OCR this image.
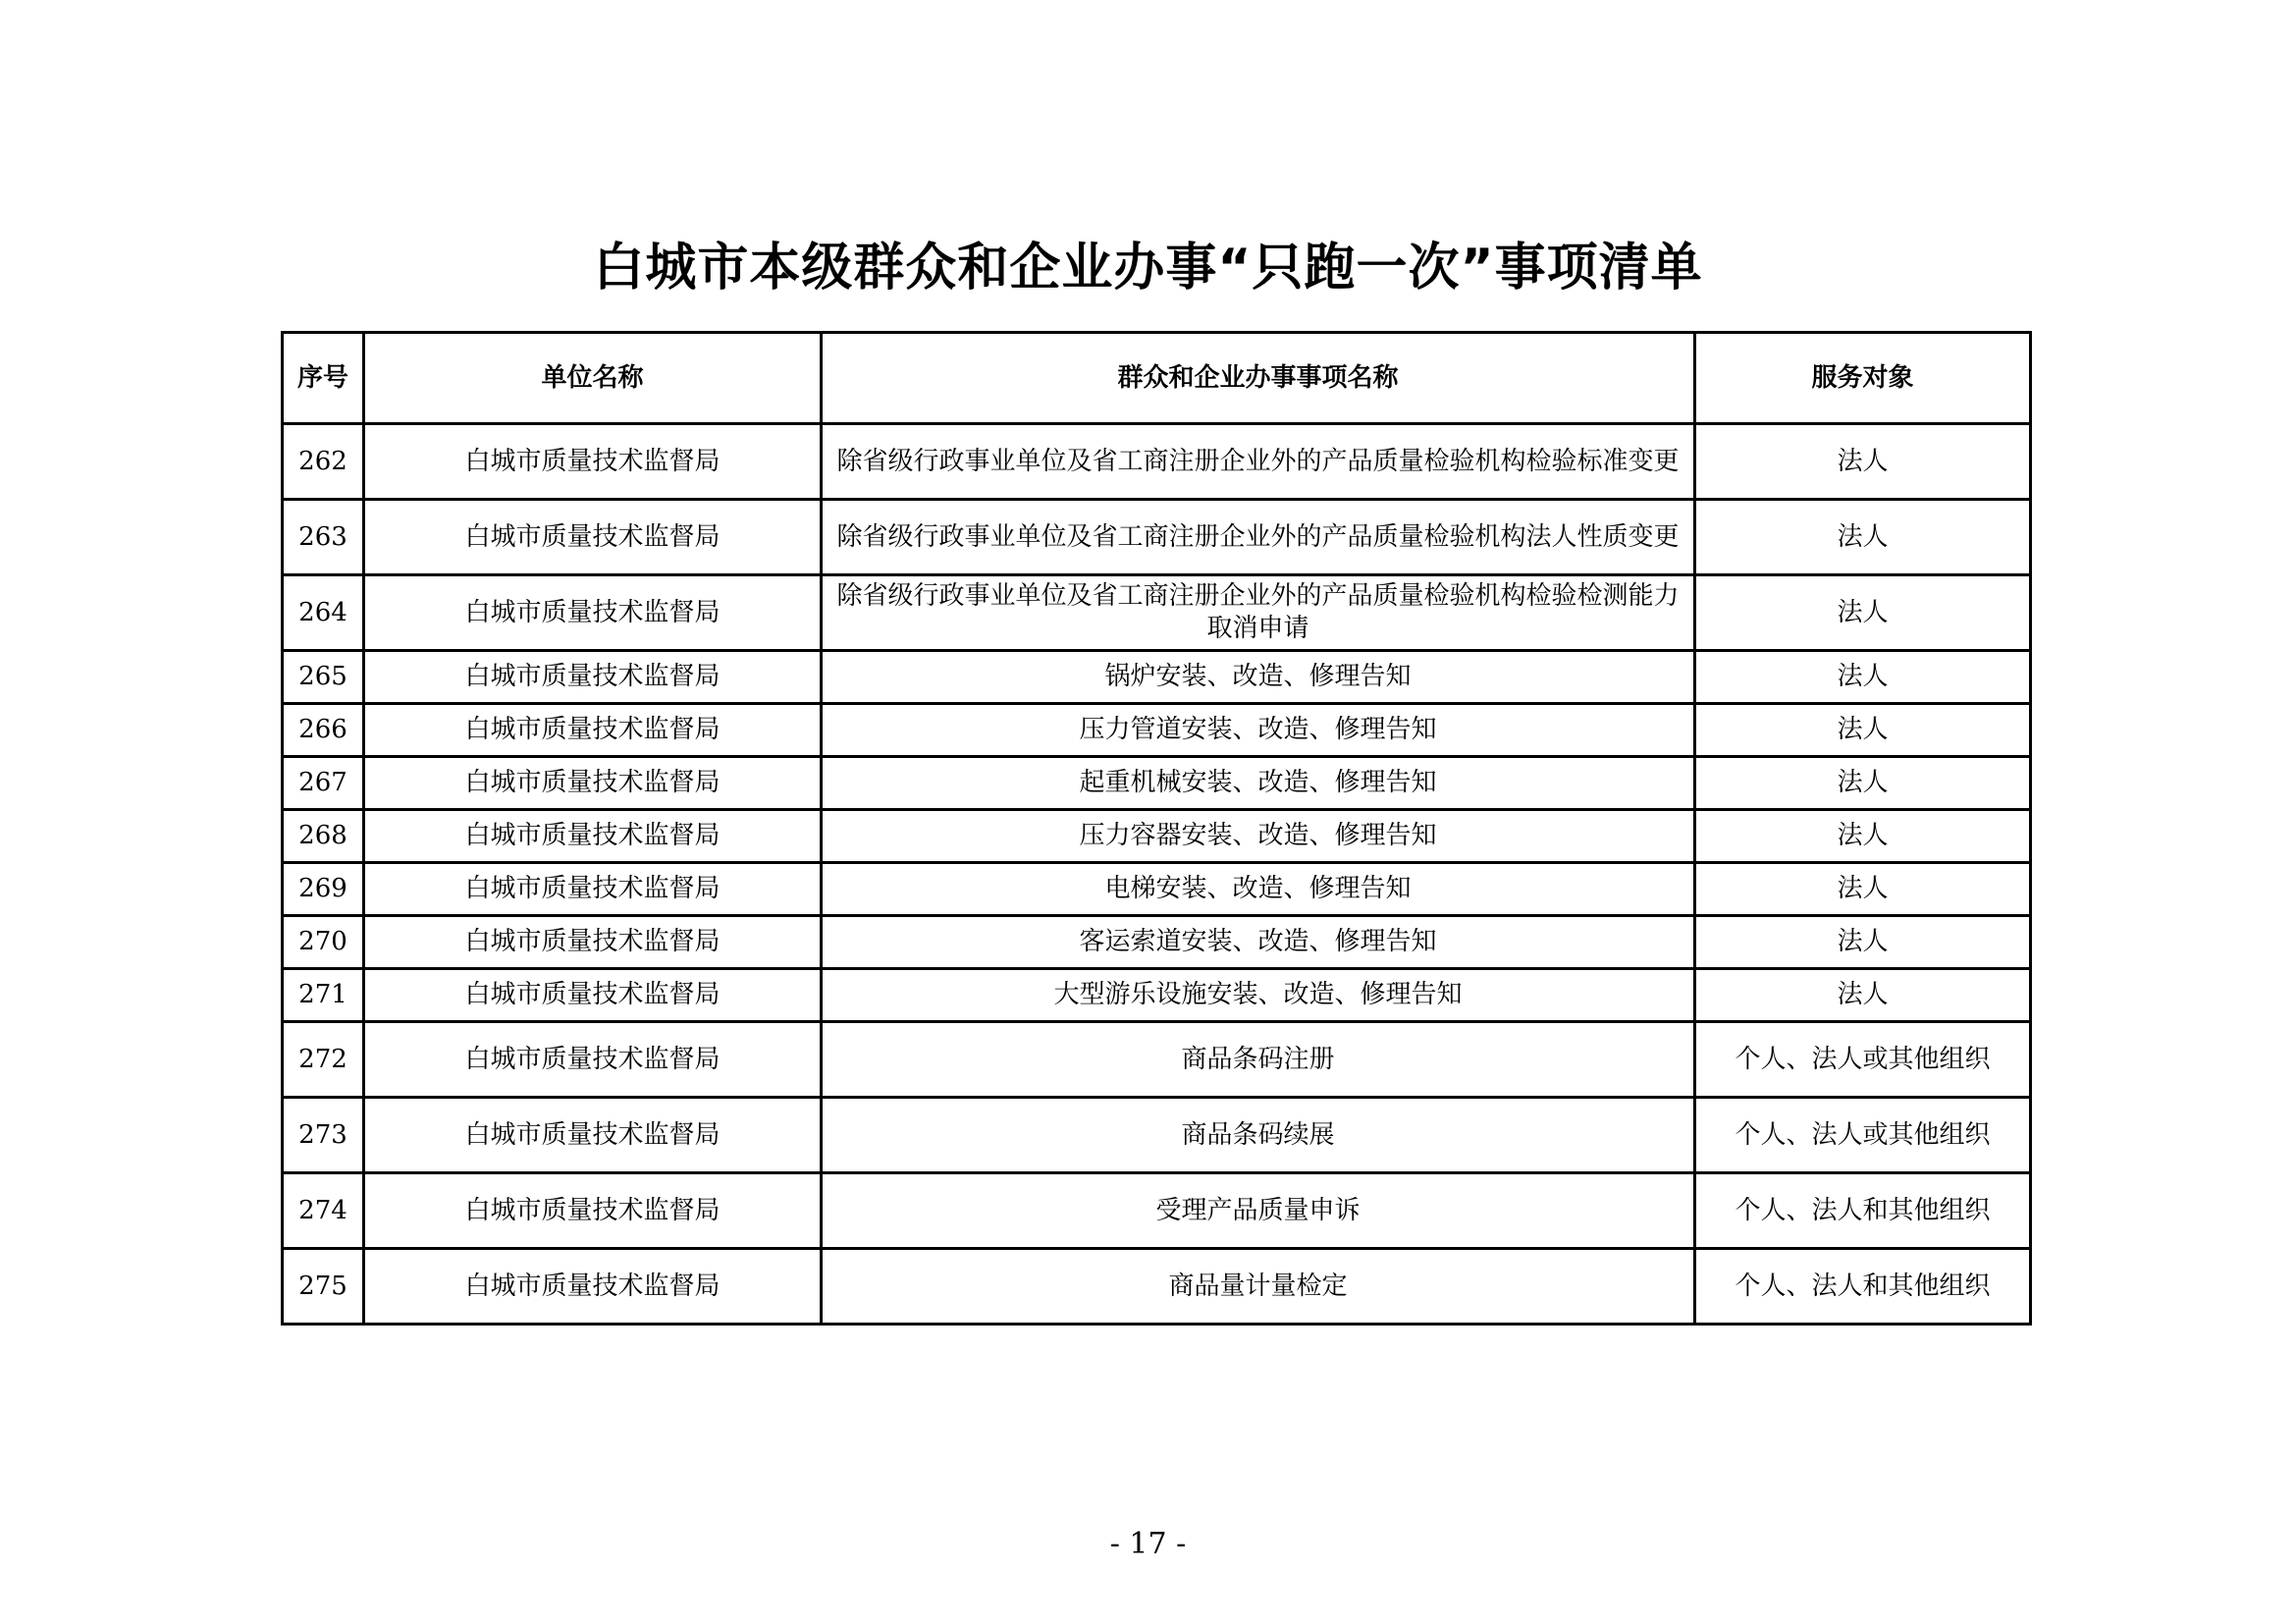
白城市本级群众和企业办事“只跑一次”事项清单
序号	单位名称	群众和企业办事事项名称	服务对象
262	白城市质量技术监督局	除省级行政事业单位及省工商注册企业外的产品质量检验机构检验标准变更	法人
263	白城市质量技术监督局	除省级行政事业单位及省工商注册企业外的产品质量检验机构法人性质变更	法人
264	白城市质量技术监督局	除省级行政事业单位及省工商注册企业外的产品质量检验机构检验检测能力取消申请	法人
265	白城市质量技术监督局	锅炉安装、改造、修理告知	法人
266	白城市质量技术监督局	压力管道安装、改造、修理告知	法人
267	白城市质量技术监督局	起重机械安装、改造、修理告知	法人
268	白城市质量技术监督局	压力容器安装、改造、修理告知	法人
269	白城市质量技术监督局	电梯安装、改造、修理告知	法人
270	白城市质量技术监督局	客运索道安装、改造、修理告知	法人
271	白城市质量技术监督局	大型游乐设施安装、改造、修理告知	法人
272	白城市质量技术监督局	商品条码注册	个人、法人或其他组织
273	白城市质量技术监督局	商品条码续展	个人、法人或其他组织
274	白城市质量技术监督局	受理产品质量申诉	个人、法人和其他组织
275	白城市质量技术监督局	商品量计量检定	个人、法人和其他组织
- 17 -
